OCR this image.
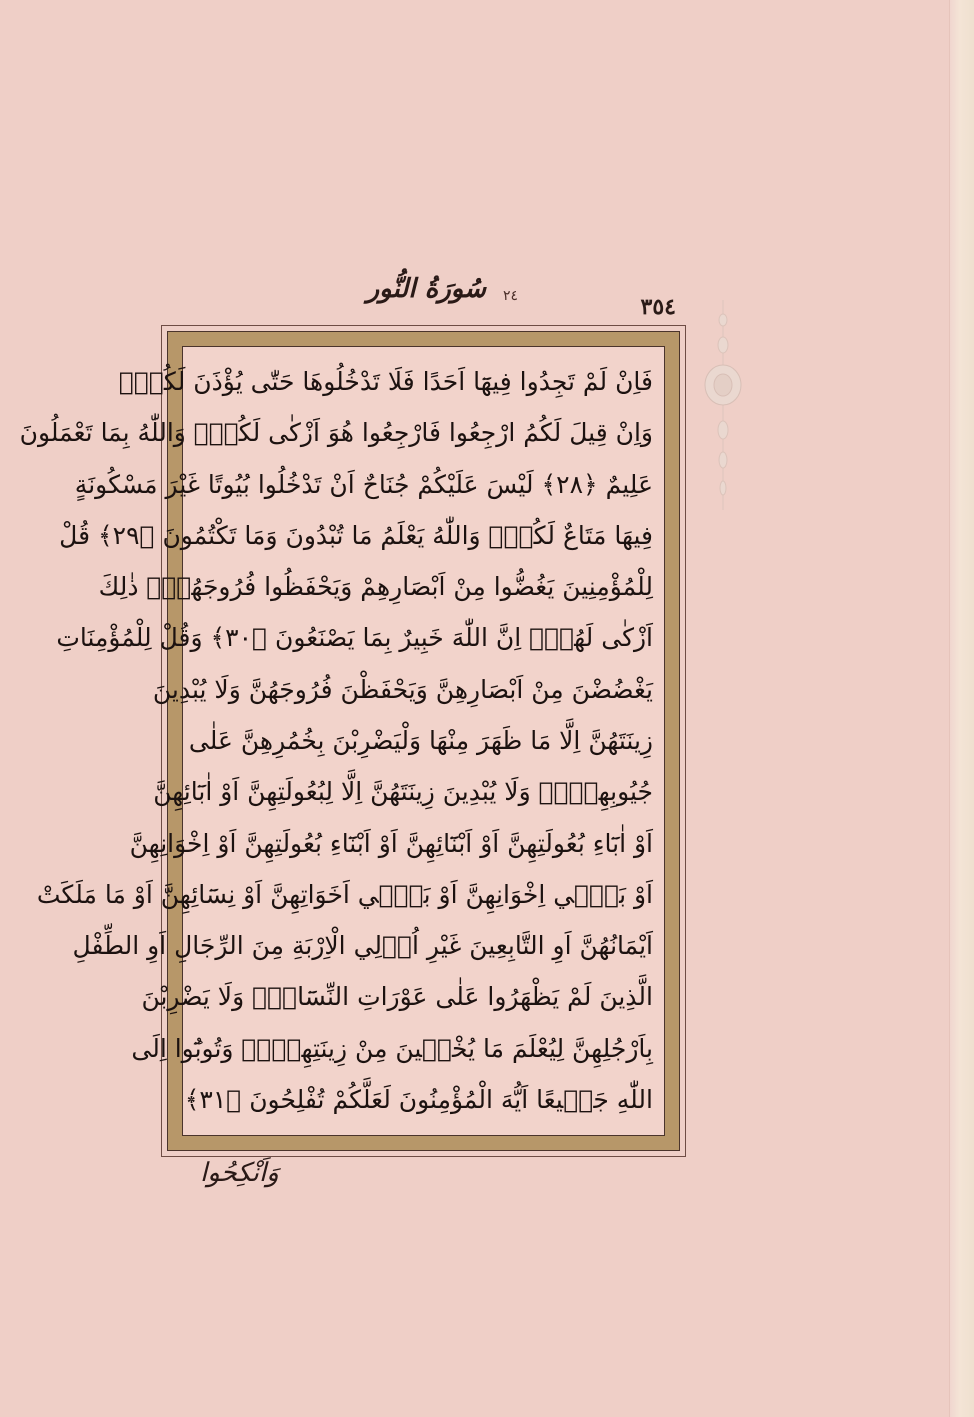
٣٥٤
سُورَةُ النُّور ٢٤
فَاِنْ لَمْ تَجِدُوا فِيهَٓا اَحَدًا فَلَا تَدْخُلُوهَا حَتّٰى يُؤْذَنَ لَكُمْۚ
وَاِنْ قِيلَ لَكُمُ ارْجِعُوا فَارْجِعُوا هُوَ اَزْكٰى لَكُمْۜ وَاللّٰهُ بِمَا تَعْمَلُونَ
عَلِيمٌ ﴿٢٨﴾ لَيْسَ عَلَيْكُمْ جُنَاحٌ اَنْ تَدْخُلُوا بُيُوتًا غَيْرَ مَسْكُونَةٍ
فِيهَا مَتَاعٌ لَكُمْۜ وَاللّٰهُ يَعْلَمُ مَا تُبْدُونَ وَمَا تَكْتُمُونَ ﴿٢٩﴾ قُلْ
لِلْمُؤْمِنِينَ يَغُضُّوا مِنْ اَبْصَارِهِمْ وَيَحْفَظُوا فُرُوجَهُمْۜ ذٰلِكَ
اَزْكٰى لَهُمْۜ اِنَّ اللّٰهَ خَبِيرٌ بِمَا يَصْنَعُونَ ﴿٣٠﴾ وَقُلْ لِلْمُؤْمِنَاتِ
يَغْضُضْنَ مِنْ اَبْصَارِهِنَّ وَيَحْفَظْنَ فُرُوجَهُنَّ وَلَا يُبْدِينَ
زِينَتَهُنَّ اِلَّا مَا ظَهَرَ مِنْهَا وَلْيَضْرِبْنَ بِخُمُرِهِنَّ عَلٰى
جُيُوبِهِنَّۖ وَلَا يُبْدِينَ زِينَتَهُنَّ اِلَّا لِبُعُولَتِهِنَّ اَوْ اٰبَٓائِهِنَّ
اَوْ اٰبَٓاءِ بُعُولَتِهِنَّ اَوْ اَبْنَٓائِهِنَّ اَوْ اَبْنَٓاءِ بُعُولَتِهِنَّ اَوْ اِخْوَانِهِنَّ
اَوْ بَنٖٓي اِخْوَانِهِنَّ اَوْ بَنٖٓي اَخَوَاتِهِنَّ اَوْ نِسَٓائِهِنَّ اَوْ مَا مَلَكَتْ
اَيْمَانُهُنَّ اَوِ التَّابِعِينَ غَيْرِ اُو۬لِي الْاِرْبَةِ مِنَ الرِّجَالِ اَوِ الطِّفْلِ
الَّذِينَ لَمْ يَظْهَرُوا عَلٰى عَوْرَاتِ النِّسَٓاءِۖ وَلَا يَضْرِبْنَ
بِاَرْجُلِهِنَّ لِيُعْلَمَ مَا يُخْفٖينَ مِنْ زِينَتِهِنَّۜ وَتُوبُٓوا اِلَى
اللّٰهِ جَمٖيعًا اَيُّهَ الْمُؤْمِنُونَ لَعَلَّكُمْ تُفْلِحُونَ ﴿٣١﴾
وَاَنْكِحُوا
